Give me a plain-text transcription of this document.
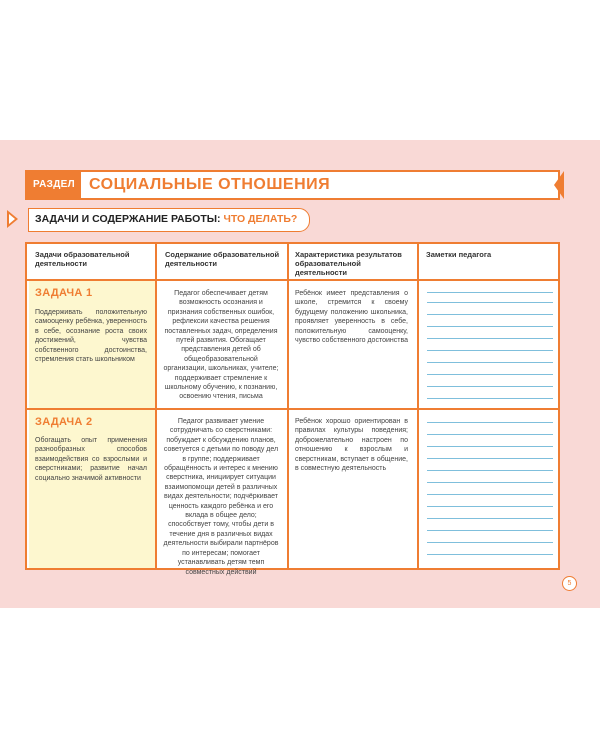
РАЗДЕЛ СОЦИАЛЬНЫЕ ОТНОШЕНИЯ
ЗАДАЧИ И СОДЕРЖАНИЕ РАБОТЫ: ЧТО ДЕЛАТЬ?
Задачи образовательной деятельности
Содержание образовательной деятельности
Характеристика результатов образовательной деятельности
Заметки педагога
ЗАДАЧА 1
Поддерживать положительную самооценку ребёнка, уверенность в себе, осознание роста своих достижений, чувства собственного достоинства, стремления стать школьником
Педагог обеспечивает детям возможность осознания и признания собственных ошибок, рефлексии качества решения поставленных задач, определения путей развития. Обогащает представления детей об общеобразовательной организации, школьниках, учителе; поддерживает стремление к школьному обучению, к познанию, освоению чтения, письма
Ребёнок имеет представления о школе, стремится к своему будущему положению школьника, проявляет уверенность в себе, положительную самооценку, чувство собственного достоинства
ЗАДАЧА 2
Обогащать опыт применения разнообразных способов взаимодействия со взрослыми и сверстниками; развитие начал социально значимой активности
Педагог развивает умение сотрудничать со сверстниками: побуждает к обсуждению планов, советуется с детьми по поводу дел в группе; поддерживает обращённость и интерес к мнению сверстника, инициирует ситуации взаимопомощи детей в различных видах деятельности; подчёркивает ценность каждого ребёнка и его вклада в общее дело; способствует тому, чтобы дети в течение дня в различных видах деятельности выбирали партнёров по интересам; помогает устанавливать детям темп совместных действий
Ребёнок хорошо ориентирован в правилах культуры поведения; доброжелательно настроен по отношению к взрослым и сверстникам, вступает в общение, в совместную деятельность
5
